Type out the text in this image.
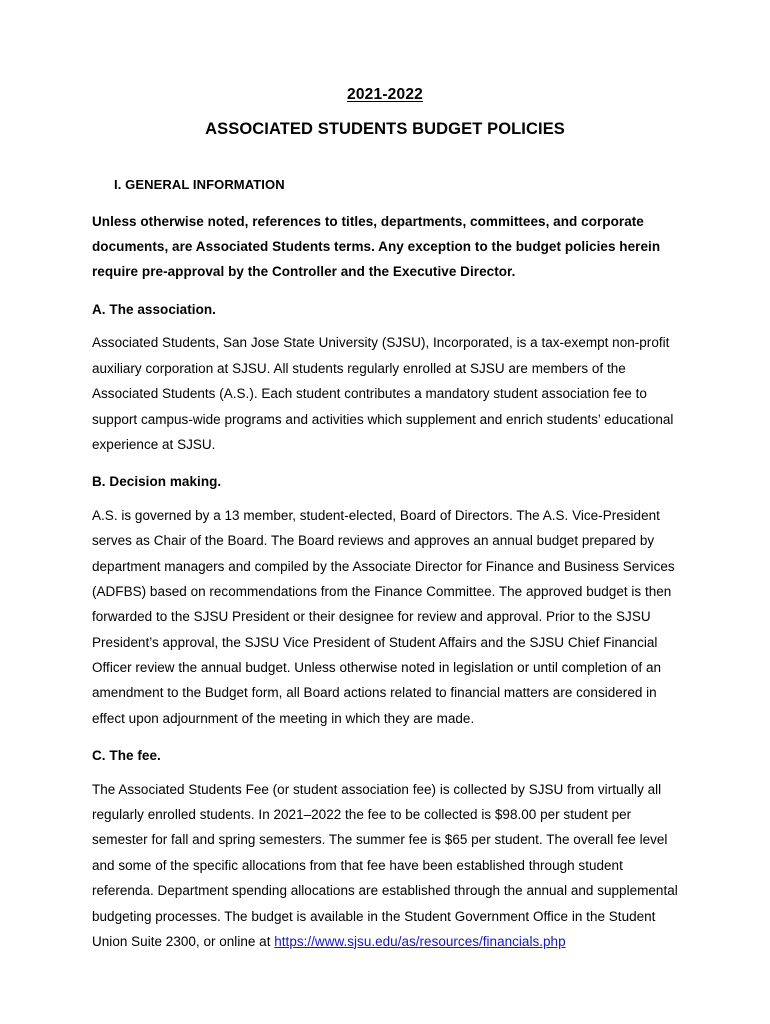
2021-2022
ASSOCIATED STUDENTS BUDGET POLICIES
I. GENERAL INFORMATION

Unless otherwise noted, references to titles, departments, committees, and corporate documents, are Associated Students terms. Any exception to the budget policies herein require pre-approval by the Controller and the Executive Director.

A. The association.

Associated Students, San Jose State University (SJSU), Incorporated, is a tax-exempt non-profit auxiliary corporation at SJSU. All students regularly enrolled at SJSU are members of the Associated Students (A.S.). Each student contributes a mandatory student association fee to support campus-wide programs and activities which supplement and enrich students’ educational experience at SJSU.

B. Decision making.

A.S. is governed by a 13 member, student-elected, Board of Directors. The A.S. Vice-President serves as Chair of the Board. The Board reviews and approves an annual budget prepared by department managers and compiled by the Associate Director for Finance and Business Services (ADFBS) based on recommendations from the Finance Committee. The approved budget is then forwarded to the SJSU President or their designee for review and approval. Prior to the SJSU President’s approval, the SJSU Vice President of Student Affairs and the SJSU Chief Financial Officer review the annual budget. Unless otherwise noted in legislation or until completion of an amendment to the Budget form, all Board actions related to financial matters are considered in effect upon adjournment of the meeting in which they are made.

C. The fee.

The Associated Students Fee (or student association fee) is collected by SJSU from virtually all regularly enrolled students. In 2021–2022 the fee to be collected is $98.00 per student per semester for fall and spring semesters. The summer fee is $65 per student. The overall fee level and some of the specific allocations from that fee have been established through student referenda. Department spending allocations are established through the annual and supplemental budgeting processes. The budget is available in the Student Government Office in the Student Union Suite 2300, or online at https://www.sjsu.edu/as/resources/financials.php
